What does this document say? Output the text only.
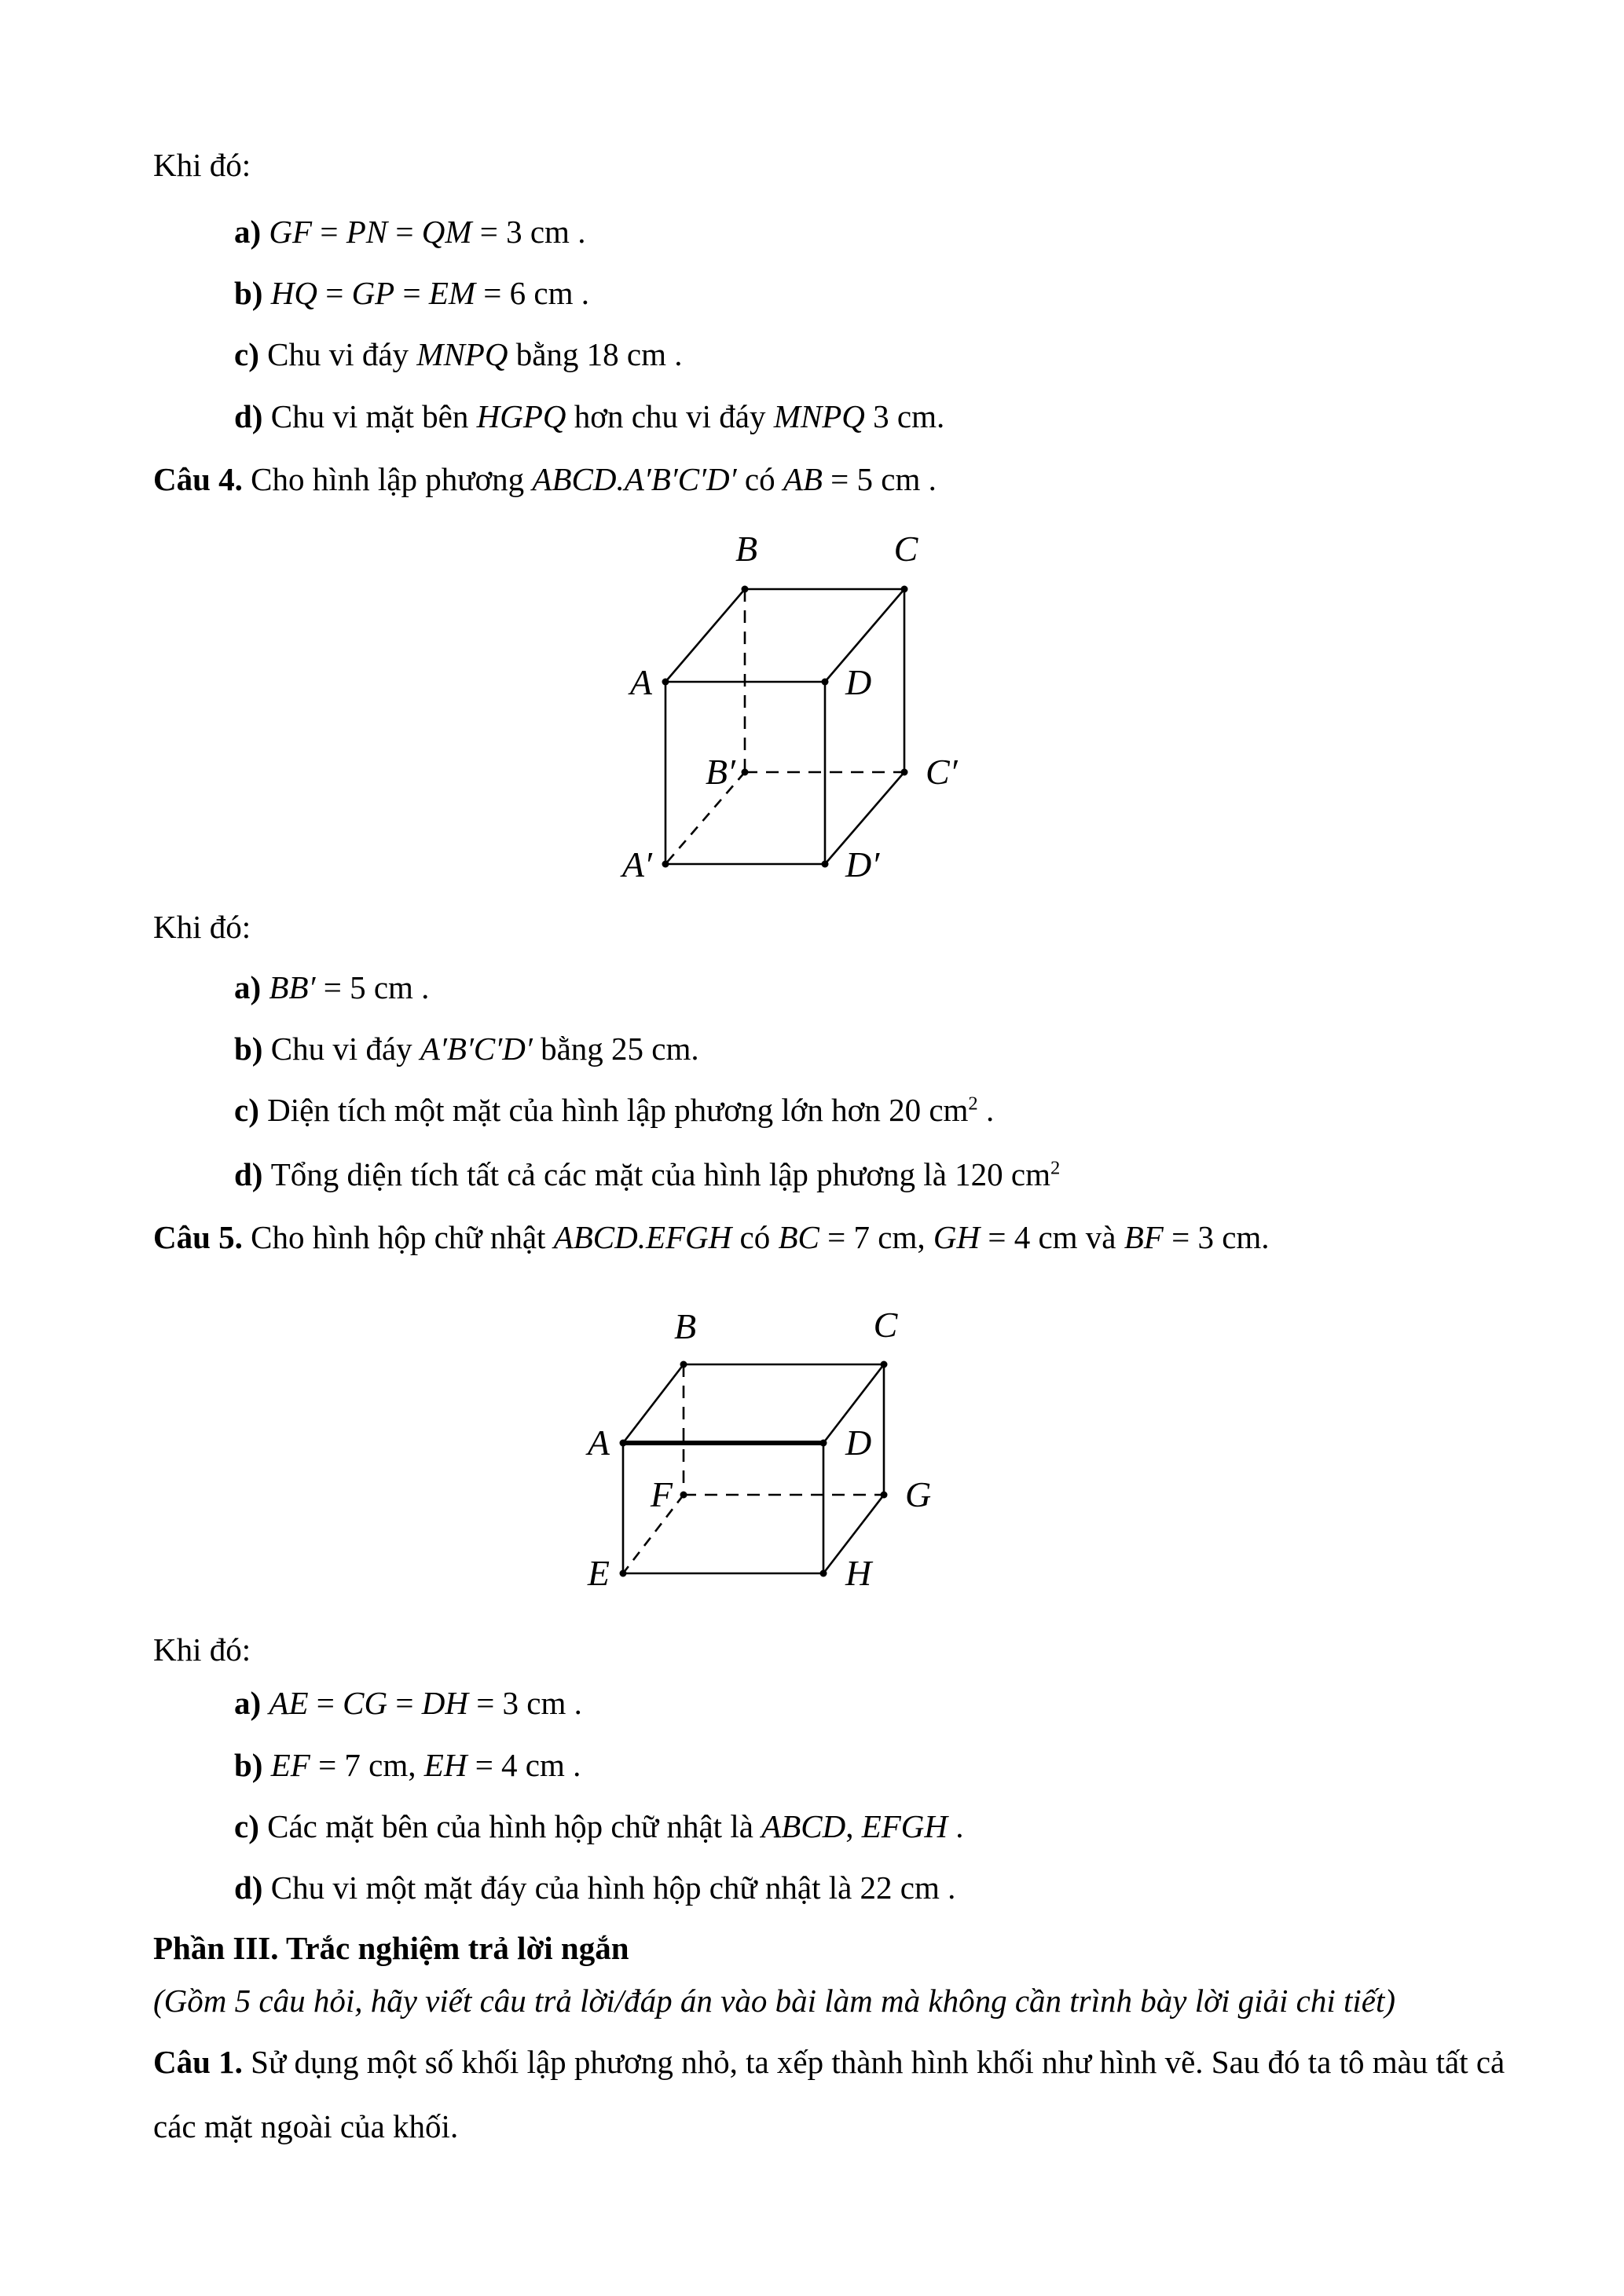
Khi đó:
a) GF = PN = QM = 3 cm .
b) HQ = GP = EM = 6 cm .
c) Chu vi đáy MNPQ bằng 18 cm .
d) Chu vi mặt bên HGPQ hơn chu vi đáy MNPQ 3 cm.
Câu 4. Cho hình lập phương ABCD.A′B′C′D′ có AB = 5 cm .
B	C
A	D
B′	C′
A′	D′
Khi đó:
a) BB′ = 5 cm .
b) Chu vi đáy A′B′C′D′ bằng 25 cm.
c) Diện tích một mặt của hình lập phương lớn hơn 20 $cm^2$ .
d) Tổng diện tích tất cả các mặt của hình lập phương là 120 $cm^2$
Câu 5. Cho hình hộp chữ nhật ABCD.EFGH có BC = 7 cm, GH = 4 cm và BF = 3 cm.
B	C
A	D
F	G
E	H
Khi đó:
a) AE = CG = DH = 3 cm .
b) EF = 7 cm, EH = 4 cm .
c) Các mặt bên của hình hộp chữ nhật là ABCD, EFGH .
d) Chu vi một mặt đáy của hình hộp chữ nhật là 22 cm .
Phần III. Trắc nghiệm trả lời ngắn
(Gồm 5 câu hỏi, hãy viết câu trả lời/đáp án vào bài làm mà không cần trình bày lời giải chi tiết)
Câu 1. Sử dụng một số khối lập phương nhỏ, ta xếp thành hình khối như hình vẽ. Sau đó ta tô màu tất cả
các mặt ngoài của khối.
